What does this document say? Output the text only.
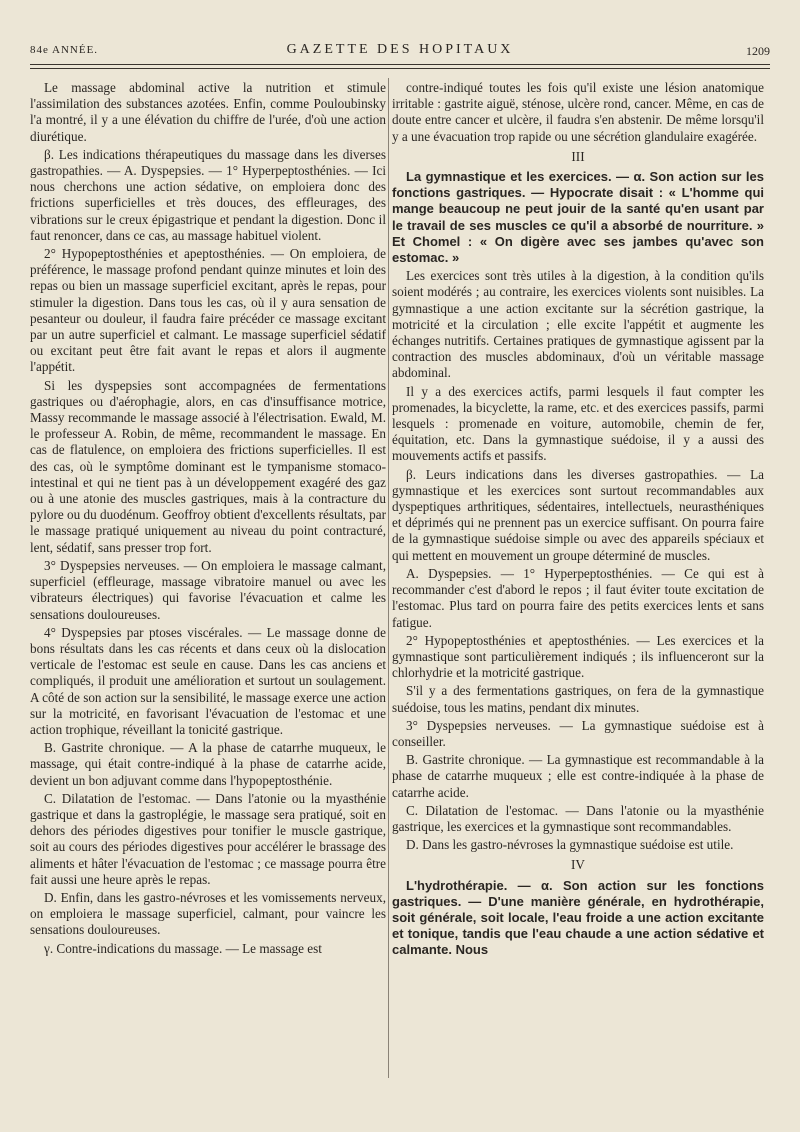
84e ANNÉE.	GAZETTE DES HOPITAUX	1209

Le massage abdominal active la nutrition et stimule l'assimilation des substances azotées. Enfin, comme Pouloubinsky l'a montré, il y a une élévation du chiffre de l'urée, d'où une action diurétique.

β. Les indications thérapeutiques du massage dans les diverses gastropathies. — A. Dyspepsies. — 1° Hyperpeptosthénies. — Ici nous cherchons une action sédative, on emploiera donc des frictions superficielles et très douces, des effleurages, des vibrations sur le creux épigastrique et pendant la digestion. Donc il faut renoncer, dans ce cas, au massage habituel violent.

2° Hypopeptosthénies et apeptosthénies. — On emploiera, de préférence, le massage profond pendant quinze minutes et loin des repas ou bien un massage superficiel excitant, après le repas, pour stimuler la digestion. Dans tous les cas, où il y aura sensation de pesanteur ou douleur, il faudra faire précéder ce massage excitant par un autre superficiel et calmant. Le massage superficiel sédatif ou excitant peut être fait avant le repas et alors il augmente l'appétit.

Si les dyspepsies sont accompagnées de fermentations gastriques ou d'aérophagie, alors, en cas d'insuffisance motrice, Massy recommande le massage associé à l'électrisation. Ewald, M. le professeur A. Robin, de même, recommandent le massage. En cas de flatulence, on emploiera des frictions superficielles. Il est des cas, où le symptôme dominant est le tympanisme stomaco-intestinal et qui ne tient pas à un développement exagéré des gaz ou à une atonie des muscles gastriques, mais à la contracture du pylore ou du duodénum. Geoffroy obtient d'excellents résultats, par le massage pratiqué uniquement au niveau du point contracturé, lent, sédatif, sans presser trop fort.

3° Dyspepsies nerveuses. — On emploiera le massage calmant, superficiel (effleurage, massage vibratoire manuel ou avec les vibrateurs électriques) qui favorise l'évacuation et calme les sensations douloureuses.

4° Dyspepsies par ptoses viscérales. — Le massage donne de bons résultats dans les cas récents et dans ceux où la dislocation verticale de l'estomac est seule en cause. Dans les cas anciens et compliqués, il produit une amélioration et surtout un soulagement. A côté de son action sur la sensibilité, le massage exerce une action sur la motricité, en favorisant l'évacuation de l'estomac et une action trophique, réveillant la tonicité gastrique.

B. Gastrite chronique. — A la phase de catarrhe muqueux, le massage, qui était contre-indiqué à la phase de catarrhe acide, devient un bon adjuvant comme dans l'hypopeptosthénie.

C. Dilatation de l'estomac. — Dans l'atonie ou la myasthénie gastrique et dans la gastroplégie, le massage sera pratiqué, soit en dehors des périodes digestives pour tonifier le muscle gastrique, soit au cours des périodes digestives pour accélérer le brassage des aliments et hâter l'évacuation de l'estomac ; ce massage pourra être fait aussi une heure après le repas.

D. Enfin, dans les gastro-névroses et les vomissements nerveux, on emploiera le massage superficiel, calmant, pour vaincre les sensations douloureuses.

γ. Contre-indications du massage. — Le massage est

contre-indiqué toutes les fois qu'il existe une lésion anatomique irritable : gastrite aiguë, sténose, ulcère rond, cancer. Même, en cas de doute entre cancer et ulcère, il faudra s'en abstenir. De même lorsqu'il y a une évacuation trop rapide ou une sécrétion glandulaire exagérée.

III

La gymnastique et les exercices. — α. Son action sur les fonctions gastriques. — Hypocrate disait : « L'homme qui mange beaucoup ne peut jouir de la santé qu'en usant par le travail de ses muscles ce qu'il a absorbé de nourriture. » Et Chomel : « On digère avec ses jambes qu'avec son estomac. »

Les exercices sont très utiles à la digestion, à la condition qu'ils soient modérés ; au contraire, les exercices violents sont nuisibles. La gymnastique a une action excitante sur la sécrétion gastrique, la motricité et la circulation ; elle excite l'appétit et augmente les échanges nutritifs. Certaines pratiques de gymnastique agissent par la contraction des muscles abdominaux, d'où un véritable massage abdominal.

Il y a des exercices actifs, parmi lesquels il faut compter les promenades, la bicyclette, la rame, etc. et des exercices passifs, parmi lesquels : promenade en voiture, automobile, chemin de fer, équitation, etc. Dans la gymnastique suédoise, il y a aussi des mouvements actifs et passifs.

β. Leurs indications dans les diverses gastropathies. — La gymnastique et les exercices sont surtout recommandables aux dyspeptiques arthritiques, sédentaires, intellectuels, neurasthéniques et déprimés qui ne prennent pas un exercice suffisant. On pourra faire de la gymnastique suédoise simple ou avec des appareils spéciaux et qui mettent en mouvement un groupe déterminé de muscles.

A. Dyspepsies. — 1° Hyperpeptosthénies. — Ce qui est à recommander c'est d'abord le repos ; il faut éviter toute excitation de l'estomac. Plus tard on pourra faire des petits exercices lents et sans fatigue.

2° Hypopeptosthénies et apeptosthénies. — Les exercices et la gymnastique sont particulièrement indiqués ; ils influenceront sur la chlorhydrie et la motricité gastrique.

S'il y a des fermentations gastriques, on fera de la gymnastique suédoise, tous les matins, pendant dix minutes.

3° Dyspepsies nerveuses. — La gymnastique suédoise est à conseiller.

B. Gastrite chronique. — La gymnastique est recommandable à la phase de catarrhe muqueux ; elle est contre-indiquée à la phase de catarrhe acide.

C. Dilatation de l'estomac. — Dans l'atonie ou la myasthénie gastrique, les exercices et la gymnastique sont recommandables.

D. Dans les gastro-névroses la gymnastique suédoise est utile.

IV

L'hydrothérapie. — α. Son action sur les fonctions gastriques. — D'une manière générale, en hydrothérapie, soit générale, soit locale, l'eau froide a une action excitante et tonique, tandis que l'eau chaude a une action sédative et calmante. Nous
